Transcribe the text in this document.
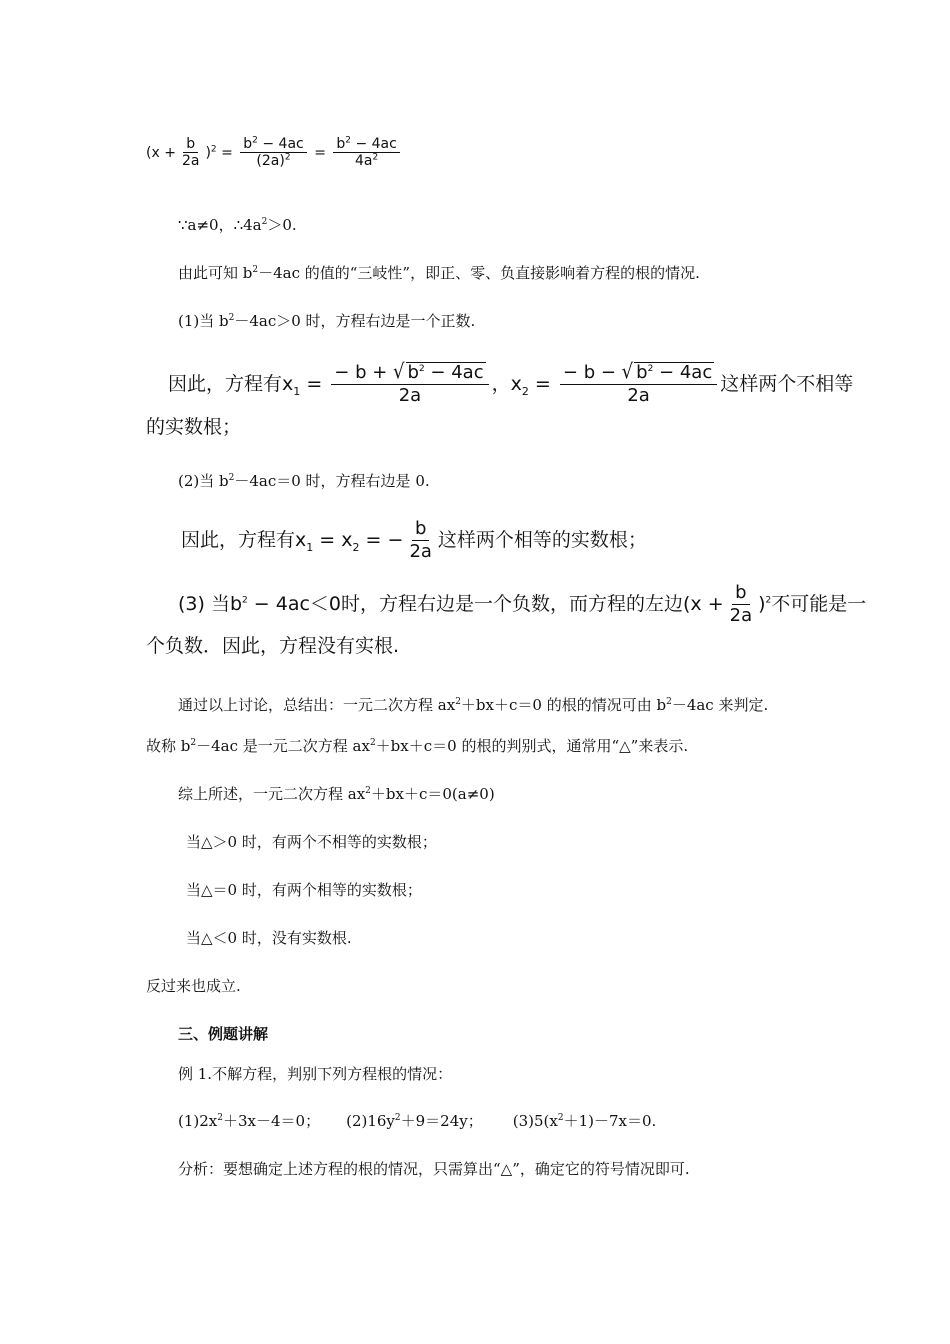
$(x + \frac{b}{2a} )^2 = \frac{b^2 - 4ac}{(2a)^2} = \frac{b^2 - 4ac}{4a^2}$
∵a≠0，$\therefore 4a^2>0$.
由此可知 $b^2-4ac$ 的值的“三岐性”，即正、零、负直接影响着方程的根的情况.
(1)当 $b^2-4ac>0$ 时，方程右边是一个正数.
因此，方程有$x_1 = \frac{- b + √ b^2 - 4ac}{2a}$ ，$x_2 = \frac{- b - √ b^2 - 4ac}{2a}$ 这样两个不相等
的实数根；
(2)当 $b^2-4ac=0$ 时，方程右边是 0.
因此，方程有$x_1 = x_2$ = − $\frac{b}{2a}$ 这样两个相等的实数根；
(3) 当$b^2 - 4ac<0$时，方程右边是一个负数，而方程的左边$(x + \frac{b}{2a} )^2$不可能是一
个负数．因此，方程没有实根.
通过以上讨论，总结出：一元二次方程 $ax^2+bx+c=0$ 的根的情况可由 $b^2-4ac$ 来判定.
故称 $b^2-4ac$ 是一元二次方程 $ax^2+bx+c=0$ 的根的判别式，通常用“△”来表示.
综上所述，一元二次方程 $ax^2+bx+c=0(a\ne 0)$
当△＞0 时，有两个不相等的实数根；
当△＝0 时，有两个相等的实数根；
当△＜0 时，没有实数根.
反过来也成立.
三、例题讲解
例 1.不解方程，判别下列方程根的情况：
$(1)2x^2+3x-4=0$； $(2)16y^2+9=24y$； $(3)5(x^2+1)-7x=0$.
分析：要想确定上述方程的根的情况，只需算出“△”，确定它的符号情况即可.
